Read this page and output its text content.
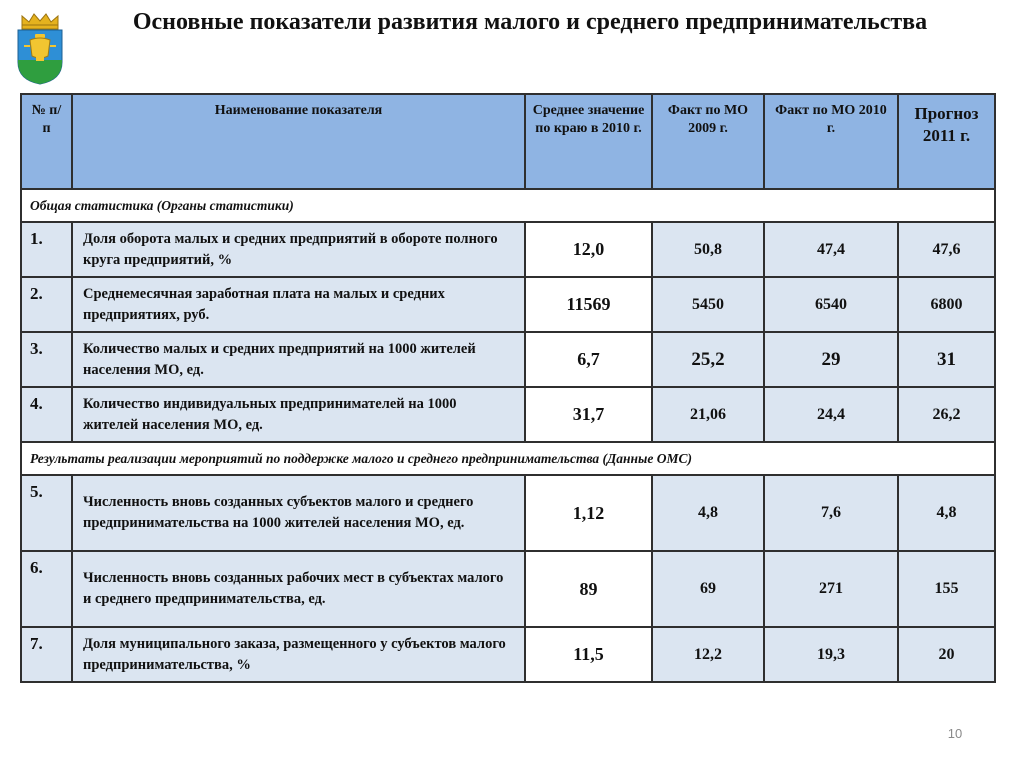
Основные показатели развития малого и среднего предпринимательства
№ п/п	Наименование показателя	Среднее значение по краю в 2010 г.	Факт по МО 2009 г.	Факт по МО 2010 г.	Прогноз 2011 г.
Общая статистика (Органы статистики)					
1.	Доля оборота малых и средних предприятий в обороте полного круга предприятий, %	12,0	50,8	47,4	47,6
2.	Среднемесячная заработная плата на малых и средних предприятиях, руб.	11569	5450	6540	6800
3.	Количество малых и средних предприятий на 1000 жителей населения МО, ед.	6,7	25,2	29	31
4.	Количество индивидуальных предпринимателей на 1000 жителей населения МО, ед.	31,7	21,06	24,4	26,2
Результаты реализации мероприятий по поддержке малого и среднего предпринимательства (Данные ОМС)					
5.	Численность вновь созданных субъектов малого и среднего предпринимательства на 1000 жителей населения МО, ед.	1,12	4,8	7,6	4,8
6.	Численность вновь созданных рабочих мест в субъектах малого и среднего предпринимательства, ед.	89	69	271	155
7.	Доля муниципального заказа, размещенного у субъектов малого предпринимательства, %	11,5	12,2	19,3	20
10
